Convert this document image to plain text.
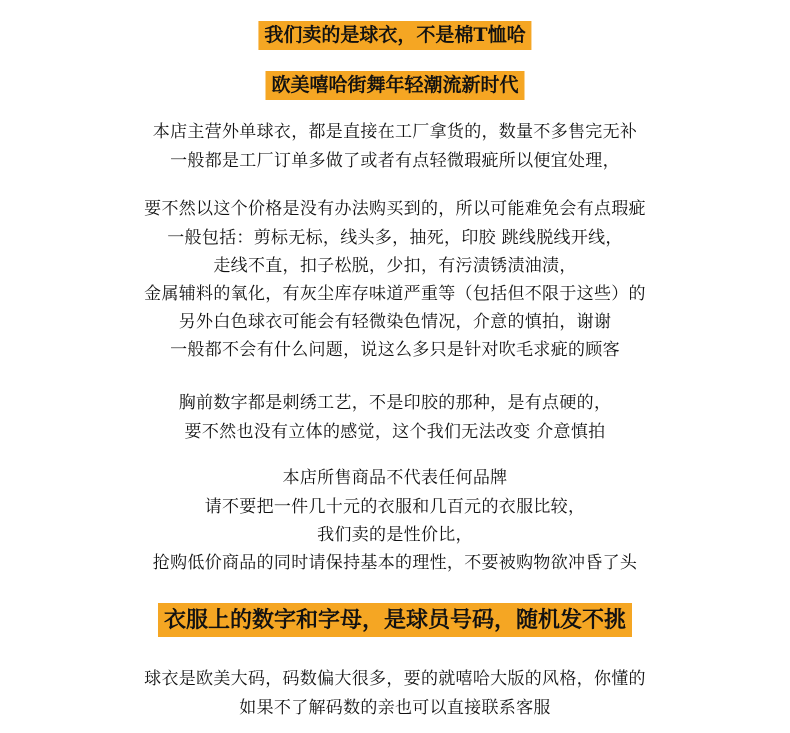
我们卖的是球衣，不是棉T恤哈
欧美嘻哈街舞年轻潮流新时代
本店主营外单球衣，都是直接在工厂拿货的，数量不多售完无补
一般都是工厂订单多做了或者有点轻微瑕疵所以便宜处理，
要不然以这个价格是没有办法购买到的，所以可能难免会有点瑕疵
一般包括：剪标无标，线头多，抽死，印胶 跳线脱线开线，
走线不直，扣子松脱，少扣，有污渍锈渍油渍，
金属辅料的氧化，有灰尘库存味道严重等（包括但不限于这些）的
另外白色球衣可能会有轻微染色情况，介意的慎拍，谢谢
一般都不会有什么问题，说这么多只是针对吹毛求疵的顾客
胸前数字都是刺绣工艺，不是印胶的那种，是有点硬的，
要不然也没有立体的感觉，这个我们无法改变 介意慎拍
本店所售商品不代表任何品牌
请不要把一件几十元的衣服和几百元的衣服比较，
我们卖的是性价比，
抢购低价商品的同时请保持基本的理性，不要被购物欲冲昏了头
衣服上的数字和字母，是球员号码，随机发不挑
球衣是欧美大码，码数偏大很多，要的就嘻哈大版的风格，你懂的
如果不了解码数的亲也可以直接联系客服
